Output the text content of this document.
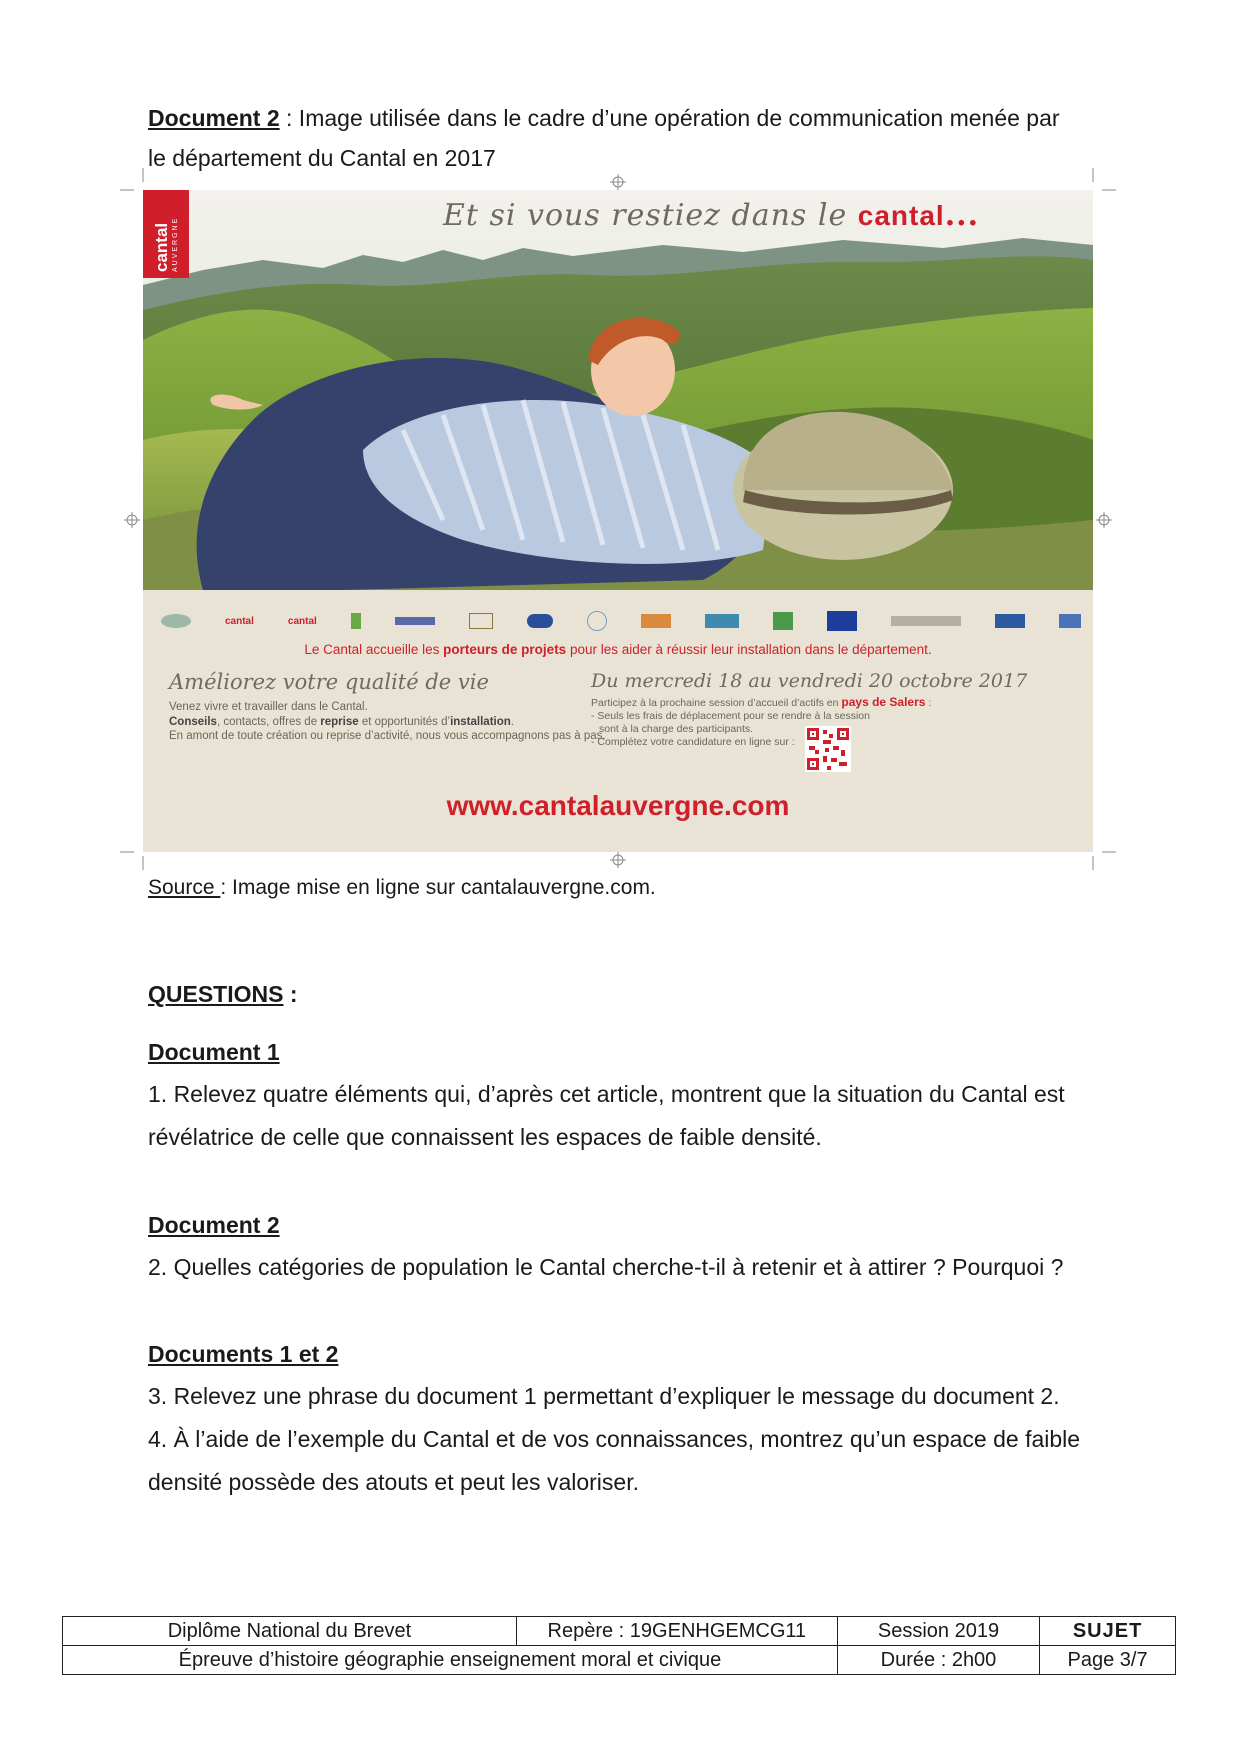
Document 2 : Image utilisée dans le cadre d’une opération de communication menée par
le département du Cantal en 2017
cantal AUVERGNE
Et si vous restiez dans le cantal...
cantal	cantal
Le Cantal accueille les porteurs de projets pour les aider à réussir leur installation dans le département.
Améliorez votre qualité de vie
Venez vivre et travailler dans le Cantal.
Conseils, contacts, offres de reprise et opportunités d’installation.
En amont de toute création ou reprise d’activité, nous vous accompagnons pas à pas.
Du mercredi 18 au vendredi 20 octobre 2017
Participez à la prochaine session d’accueil d’actifs en pays de Salers :
- Seuls les frais de déplacement pour se rendre à la session
sont à la charge des participants.
- Complétez votre candidature en ligne sur :
www.cantalauvergne.com
Source : Image mise en ligne sur cantalauvergne.com.
QUESTIONS :
Document 1
1. Relevez quatre éléments qui, d’après cet article, montrent que la situation du Cantal est
révélatrice de celle que connaissent les espaces de faible densité.
Document 2
2. Quelles catégories de population le Cantal cherche-t-il à retenir et à attirer ? Pourquoi ?
Documents 1 et 2
3. Relevez une phrase du document 1 permettant d’expliquer le message du document 2.
4. À l’aide de l’exemple du Cantal et de vos connaissances, montrez qu’un espace de faible
densité possède des atouts et peut les valoriser.
Diplôme National du Brevet	Repère : 19GENHGEMCG11	Session 2019	SUJET
Épreuve d’histoire géographie enseignement moral et civique		Durée : 2h00	Page 3/7
